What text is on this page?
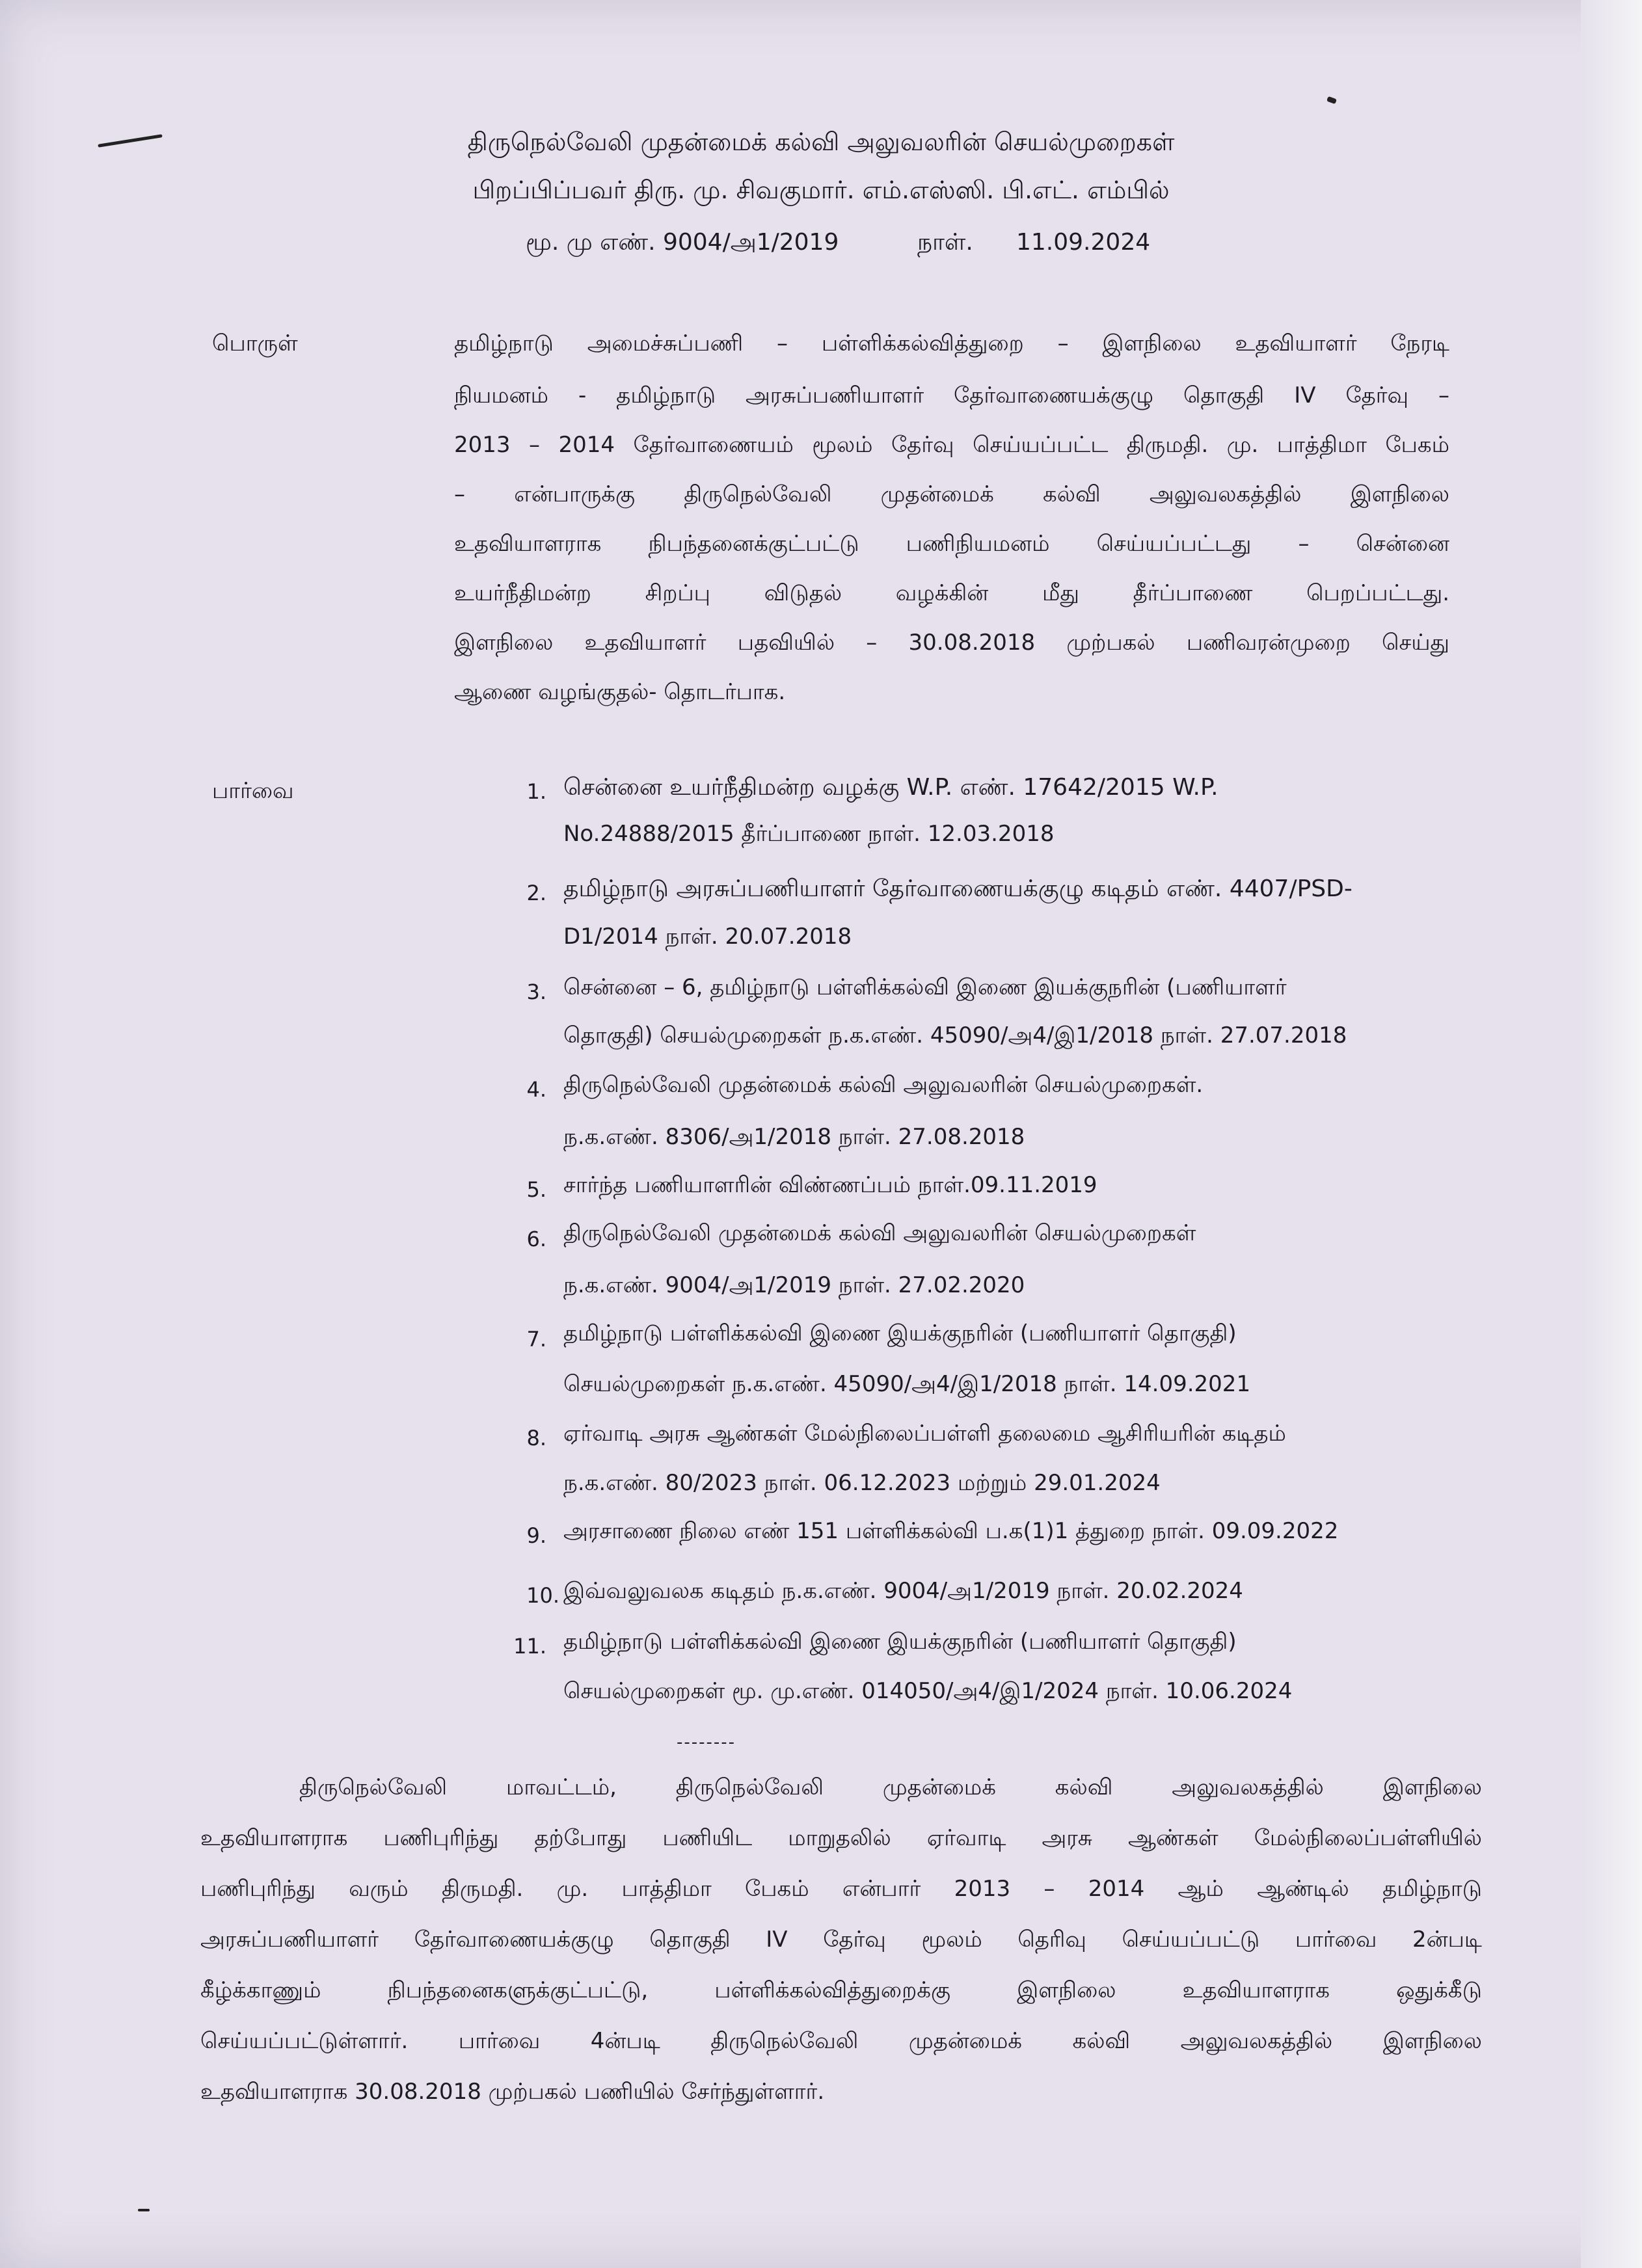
திருநெல்வேலி முதன்மைக் கல்வி அலுவலரின் செயல்முறைகள்
பிறப்பிப்பவர் திரு. மு. சிவகுமார். எம்.எஸ்ஸி. பி.எட். எம்பில்
மூ. மு எண். 9004/அ1/2019	நாள். 11.09.2024
பொருள்	தமிழ்நாடு அமைச்சுப்பணி – பள்ளிக்கல்வித்துறை – இளநிலை உதவியாளர் நேரடி
நியமனம் - தமிழ்நாடு அரசுப்பணியாளர் தேர்வாணையக்குழு தொகுதி IV தேர்வு –
2013 – 2014 தேர்வாணையம் மூலம் தேர்வு செய்யப்பட்ட திருமதி. மு. பாத்திமா பேகம்
– என்பாருக்கு திருநெல்வேலி முதன்மைக் கல்வி அலுவலகத்தில் இளநிலை
உதவியாளராக நிபந்தனைக்குட்பட்டு பணிநியமனம் செய்யப்பட்டது – சென்னை
உயர்நீதிமன்ற சிறப்பு விடுதல் வழக்கின் மீது தீர்ப்பாணை பெறப்பட்டது.
இளநிலை உதவியாளர் பதவியில் – 30.08.2018 முற்பகல் பணிவரன்முறை செய்து
ஆணை வழங்குதல்- தொடர்பாக.
பார்வை	1. சென்னை உயர்நீதிமன்ற வழக்கு W.P. எண். 17642/2015 W.P.
No.24888/2015 தீர்ப்பாணை நாள். 12.03.2018
2. தமிழ்நாடு அரசுப்பணியாளர் தேர்வாணையக்குழு கடிதம் எண். 4407/PSD-
D1/2014 நாள். 20.07.2018
3. சென்னை – 6, தமிழ்நாடு பள்ளிக்கல்வி இணை இயக்குநரின் (பணியாளர்
தொகுதி) செயல்முறைகள் ந.க.எண். 45090/அ4/இ1/2018 நாள். 27.07.2018
4. திருநெல்வேலி முதன்மைக் கல்வி அலுவலரின் செயல்முறைகள்.
ந.க.எண். 8306/அ1/2018 நாள். 27.08.2018
5. சார்ந்த பணியாளரின் விண்ணப்பம் நாள்.09.11.2019
6. திருநெல்வேலி முதன்மைக் கல்வி அலுவலரின் செயல்முறைகள்
ந.க.எண். 9004/அ1/2019 நாள். 27.02.2020
7. தமிழ்நாடு பள்ளிக்கல்வி இணை இயக்குநரின் (பணியாளர் தொகுதி)
செயல்முறைகள் ந.க.எண். 45090/அ4/இ1/2018 நாள். 14.09.2021
8. ஏர்வாடி அரசு ஆண்கள் மேல்நிலைப்பள்ளி தலைமை ஆசிரியரின் கடிதம்
ந.க.எண். 80/2023 நாள். 06.12.2023 மற்றும் 29.01.2024
9. அரசாணை நிலை எண் 151 பள்ளிக்கல்வி ப.க(1)1 த்துறை நாள். 09.09.2022
10. இவ்வலுவலக கடிதம் ந.க.எண். 9004/அ1/2019 நாள். 20.02.2024
11. தமிழ்நாடு பள்ளிக்கல்வி இணை இயக்குநரின் (பணியாளர் தொகுதி)
செயல்முறைகள் மூ. மு.எண். 014050/அ4/இ1/2024 நாள். 10.06.2024
--------
திருநெல்வேலி மாவட்டம், திருநெல்வேலி முதன்மைக் கல்வி அலுவலகத்தில் இளநிலை
உதவியாளராக பணிபுரிந்து தற்போது பணியிட மாறுதலில் ஏர்வாடி அரசு ஆண்கள் மேல்நிலைப்பள்ளியில்
பணிபுரிந்து வரும் திருமதி. மு. பாத்திமா பேகம் என்பார் 2013 – 2014 ஆம் ஆண்டில் தமிழ்நாடு
அரசுப்பணியாளர் தேர்வாணையக்குழு தொகுதி IV தேர்வு மூலம் தெரிவு செய்யப்பட்டு பார்வை 2ன்படி
கீழ்க்காணும் நிபந்தனைகளுக்குட்பட்டு, பள்ளிக்கல்வித்துறைக்கு இளநிலை உதவியாளராக ஒதுக்கீடு
செய்யப்பட்டுள்ளார். பார்வை 4ன்படி திருநெல்வேலி முதன்மைக் கல்வி அலுவலகத்தில் இளநிலை
உதவியாளராக 30.08.2018 முற்பகல் பணியில் சேர்ந்துள்ளார்.
